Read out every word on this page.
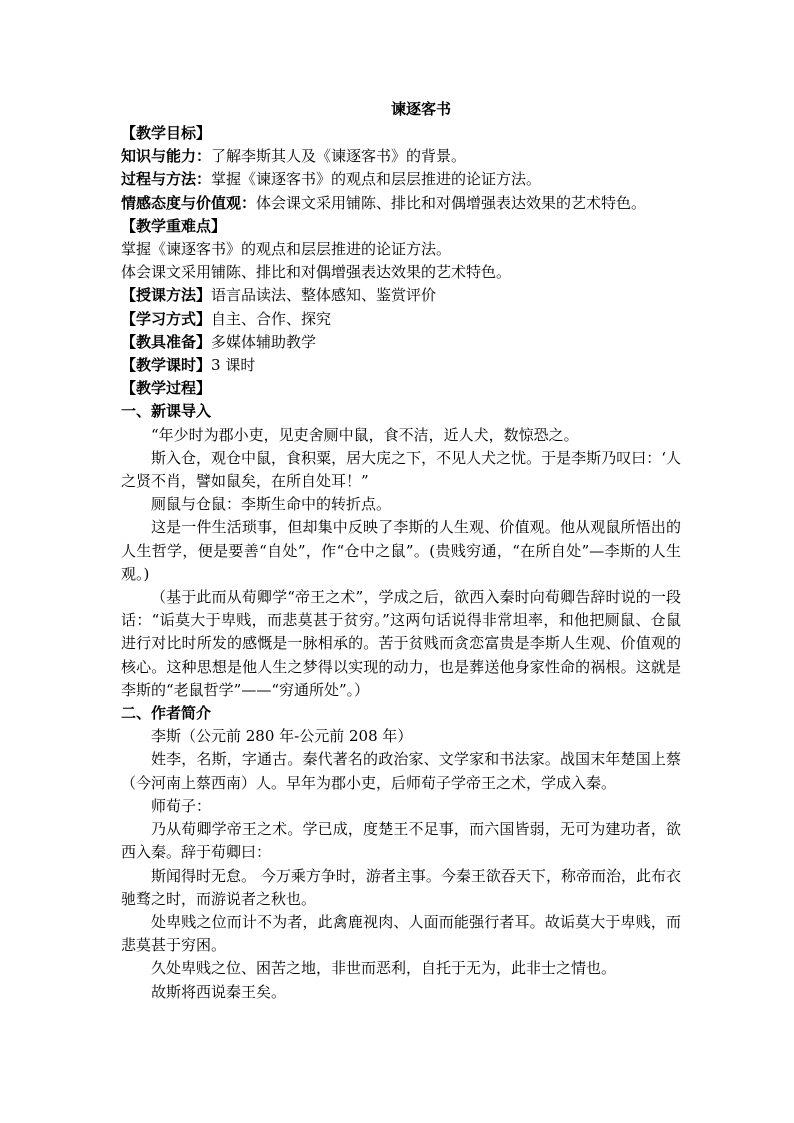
谏逐客书
【教学目标】
知识与能力：了解李斯其人及《谏逐客书》的背景。
过程与方法：掌握《谏逐客书》的观点和层层推进的论证方法。
情感态度与价值观：体会课文采用铺陈、排比和对偶增强表达效果的艺术特色。
【教学重难点】
掌握《谏逐客书》的观点和层层推进的论证方法。
体会课文采用铺陈、排比和对偶增强表达效果的艺术特色。
【授课方法】语言品读法、整体感知、鉴赏评价
【学习方式】自主、合作、探究
【教具准备】多媒体辅助教学
【教学课时】3 课时
【教学过程】
一、新课导入
“年少时为郡小吏，见吏舍厕中鼠，食不洁，近人犬，数惊恐之。
斯入仓，观仓中鼠，食积粟，居大庑之下，不见人犬之忧。于是李斯乃叹曰：‘人之贤不肖，譬如鼠矣，在所自处耳！”
厕鼠与仓鼠：李斯生命中的转折点。
这是一件生活琐事，但却集中反映了李斯的人生观、价值观。他从观鼠所悟出的人生哲学，便是要善“自处”，作“仓中之鼠”。(贵贱穷通，“在所自处”—李斯的人生观。)
（基于此而从荀卿学“帝王之术”，学成之后，欲西入秦时向荀卿告辞时说的一段话：“诟莫大于卑贱，而悲莫甚于贫穷。”这两句话说得非常坦率，和他把厕鼠、仓鼠进行对比时所发的感慨是一脉相承的。苦于贫贱而贪恋富贵是李斯人生观、价值观的核心。这种思想是他人生之梦得以实现的动力，也是葬送他身家性命的祸根。这就是李斯的“老鼠哲学”——“穷通所处”。）
二、作者简介
李斯（公元前 280 年-公元前 208 年）
姓李，名斯，字通古。秦代著名的政治家、文学家和书法家。战国末年楚国上蔡（今河南上蔡西南）人。早年为郡小吏，后师荀子学帝王之术，学成入秦。
师荀子：
乃从荀卿学帝王之术。学已成，度楚王不足事，而六国皆弱，无可为建功者，欲西入秦。辞于荀卿曰：
斯闻得时无怠。 今万乘方争时，游者主事。今秦王欲吞天下，称帝而治，此布衣驰骛之时，而游说者之秋也。
处卑贱之位而计不为者，此禽鹿视肉、人面而能强行者耳。故诟莫大于卑贱，而悲莫甚于穷困。
久处卑贱之位、困苦之地，非世而恶利，自托于无为，此非士之情也。
故斯将西说秦王矣。
